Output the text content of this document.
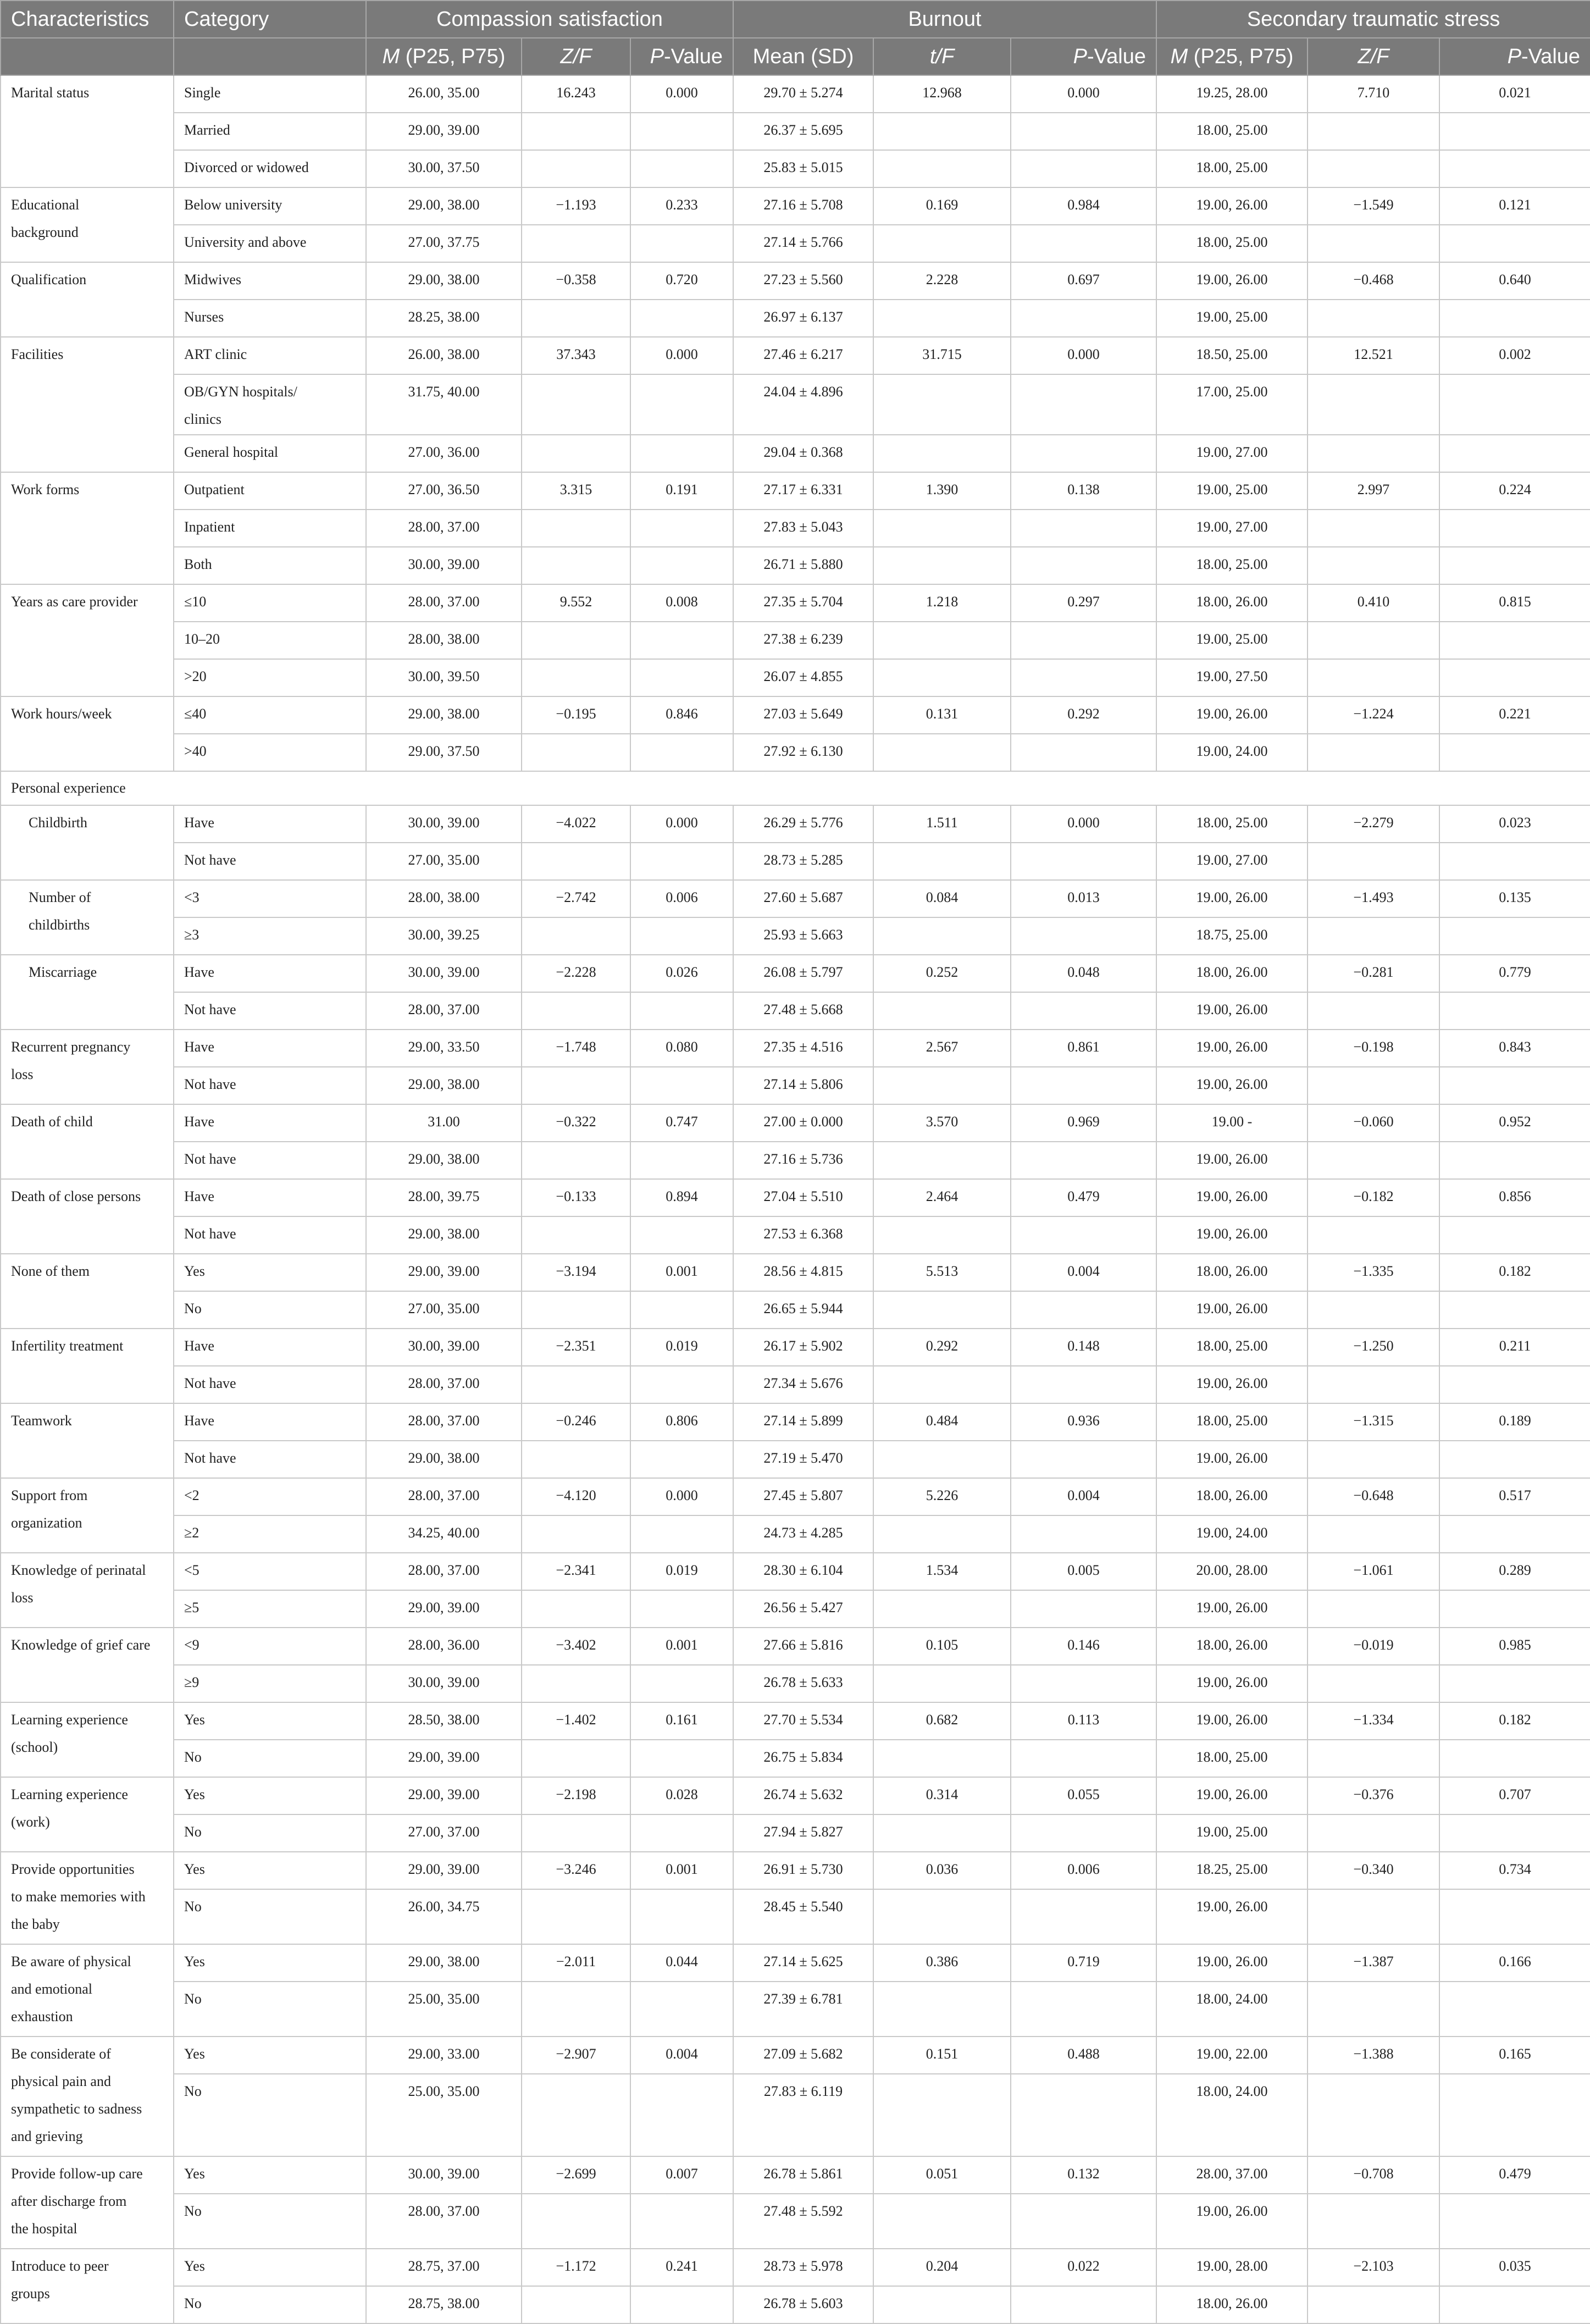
Characteristics	Category	Compassion satisfaction			Burnout			Secondary traumatic stress		
		M (P25, P75)	Z/F	P-Value	Mean (SD)	t/F	P-Value	M (P25, P75)	Z/F	P-Value
Marital status	Single	26.00, 35.00	16.243	0.000	29.70 ± 5.274	12.968	0.000	19.25, 28.00	7.710	0.021
	Married	29.00, 39.00			26.37 ± 5.695			18.00, 25.00		
	Divorced or widowed	30.00, 37.50			25.83 ± 5.015			18.00, 25.00		
Educational
background	Below university	29.00, 38.00	−1.193	0.233	27.16 ± 5.708	0.169	0.984	19.00, 26.00	−1.549	0.121
	University and above	27.00, 37.75			27.14 ± 5.766			18.00, 25.00		
Qualification	Midwives	29.00, 38.00	−0.358	0.720	27.23 ± 5.560	2.228	0.697	19.00, 26.00	−0.468	0.640
	Nurses	28.25, 38.00			26.97 ± 6.137			19.00, 25.00		
Facilities	ART clinic	26.00, 38.00	37.343	0.000	27.46 ± 6.217	31.715	0.000	18.50, 25.00	12.521	0.002
	OB/GYN hospitals/
clinics	31.75, 40.00			24.04 ± 4.896			17.00, 25.00		
	General hospital	27.00, 36.00			29.04 ± 0.368			19.00, 27.00		
Work forms	Outpatient	27.00, 36.50	3.315	0.191	27.17 ± 6.331	1.390	0.138	19.00, 25.00	2.997	0.224
	Inpatient	28.00, 37.00			27.83 ± 5.043			19.00, 27.00		
	Both	30.00, 39.00			26.71 ± 5.880			18.00, 25.00		
Years as care provider	≤10	28.00, 37.00	9.552	0.008	27.35 ± 5.704	1.218	0.297	18.00, 26.00	0.410	0.815
	10–20	28.00, 38.00			27.38 ± 6.239			19.00, 25.00		
	>20	30.00, 39.50			26.07 ± 4.855			19.00, 27.50		
Work hours/week	≤40	29.00, 38.00	−0.195	0.846	27.03 ± 5.649	0.131	0.292	19.00, 26.00	−1.224	0.221
	>40	29.00, 37.50			27.92 ± 6.130			19.00, 24.00		
Personal experience										
Childbirth	Have	30.00, 39.00	−4.022	0.000	26.29 ± 5.776	1.511	0.000	18.00, 25.00	−2.279	0.023
	Not have	27.00, 35.00			28.73 ± 5.285			19.00, 27.00		
Number of
childbirths	<3	28.00, 38.00	−2.742	0.006	27.60 ± 5.687	0.084	0.013	19.00, 26.00	−1.493	0.135
	≥3	30.00, 39.25			25.93 ± 5.663			18.75, 25.00		
Miscarriage	Have	30.00, 39.00	−2.228	0.026	26.08 ± 5.797	0.252	0.048	18.00, 26.00	−0.281	0.779
	Not have	28.00, 37.00			27.48 ± 5.668			19.00, 26.00		
Recurrent pregnancy
loss	Have	29.00, 33.50	−1.748	0.080	27.35 ± 4.516	2.567	0.861	19.00, 26.00	−0.198	0.843
	Not have	29.00, 38.00			27.14 ± 5.806			19.00, 26.00		
Death of child	Have	31.00	−0.322	0.747	27.00 ± 0.000	3.570	0.969	19.00 -	−0.060	0.952
	Not have	29.00, 38.00			27.16 ± 5.736			19.00, 26.00		
Death of close persons	Have	28.00, 39.75	−0.133	0.894	27.04 ± 5.510	2.464	0.479	19.00, 26.00	−0.182	0.856
	Not have	29.00, 38.00			27.53 ± 6.368			19.00, 26.00		
None of them	Yes	29.00, 39.00	−3.194	0.001	28.56 ± 4.815	5.513	0.004	18.00, 26.00	−1.335	0.182
	No	27.00, 35.00			26.65 ± 5.944			19.00, 26.00		
Infertility treatment	Have	30.00, 39.00	−2.351	0.019	26.17 ± 5.902	0.292	0.148	18.00, 25.00	−1.250	0.211
	Not have	28.00, 37.00			27.34 ± 5.676			19.00, 26.00		
Teamwork	Have	28.00, 37.00	−0.246	0.806	27.14 ± 5.899	0.484	0.936	18.00, 25.00	−1.315	0.189
	Not have	29.00, 38.00			27.19 ± 5.470			19.00, 26.00		
Support from
organization	<2	28.00, 37.00	−4.120	0.000	27.45 ± 5.807	5.226	0.004	18.00, 26.00	−0.648	0.517
	≥2	34.25, 40.00			24.73 ± 4.285			19.00, 24.00		
Knowledge of perinatal
loss	<5	28.00, 37.00	−2.341	0.019	28.30 ± 6.104	1.534	0.005	20.00, 28.00	−1.061	0.289
	≥5	29.00, 39.00			26.56 ± 5.427			19.00, 26.00		
Knowledge of grief care	<9	28.00, 36.00	−3.402	0.001	27.66 ± 5.816	0.105	0.146	18.00, 26.00	−0.019	0.985
	≥9	30.00, 39.00			26.78 ± 5.633			19.00, 26.00		
Learning experience
(school)	Yes	28.50, 38.00	−1.402	0.161	27.70 ± 5.534	0.682	0.113	19.00, 26.00	−1.334	0.182
	No	29.00, 39.00			26.75 ± 5.834			18.00, 25.00		
Learning experience
(work)	Yes	29.00, 39.00	−2.198	0.028	26.74 ± 5.632	0.314	0.055	19.00, 26.00	−0.376	0.707
	No	27.00, 37.00			27.94 ± 5.827			19.00, 25.00		
Provide opportunities
to make memories with
the baby	Yes	29.00, 39.00	−3.246	0.001	26.91 ± 5.730	0.036	0.006	18.25, 25.00	−0.340	0.734
	No	26.00, 34.75			28.45 ± 5.540			19.00, 26.00		
Be aware of physical
and emotional
exhaustion	Yes	29.00, 38.00	−2.011	0.044	27.14 ± 5.625	0.386	0.719	19.00, 26.00	−1.387	0.166
	No	25.00, 35.00			27.39 ± 6.781			18.00, 24.00		
Be considerate of
physical pain and
sympathetic to sadness
and grieving	Yes	29.00, 33.00	−2.907	0.004	27.09 ± 5.682	0.151	0.488	19.00, 22.00	−1.388	0.165
	No	25.00, 35.00			27.83 ± 6.119			18.00, 24.00		
Provide follow-up care
after discharge from
the hospital	Yes	30.00, 39.00	−2.699	0.007	26.78 ± 5.861	0.051	0.132	28.00, 37.00	−0.708	0.479
	No	28.00, 37.00			27.48 ± 5.592			19.00, 26.00		
Introduce to peer
groups	Yes	28.75, 37.00	−1.172	0.241	28.73 ± 5.978	0.204	0.022	19.00, 28.00	−2.103	0.035
	No	28.75, 38.00			26.78 ± 5.603			18.00, 26.00		
